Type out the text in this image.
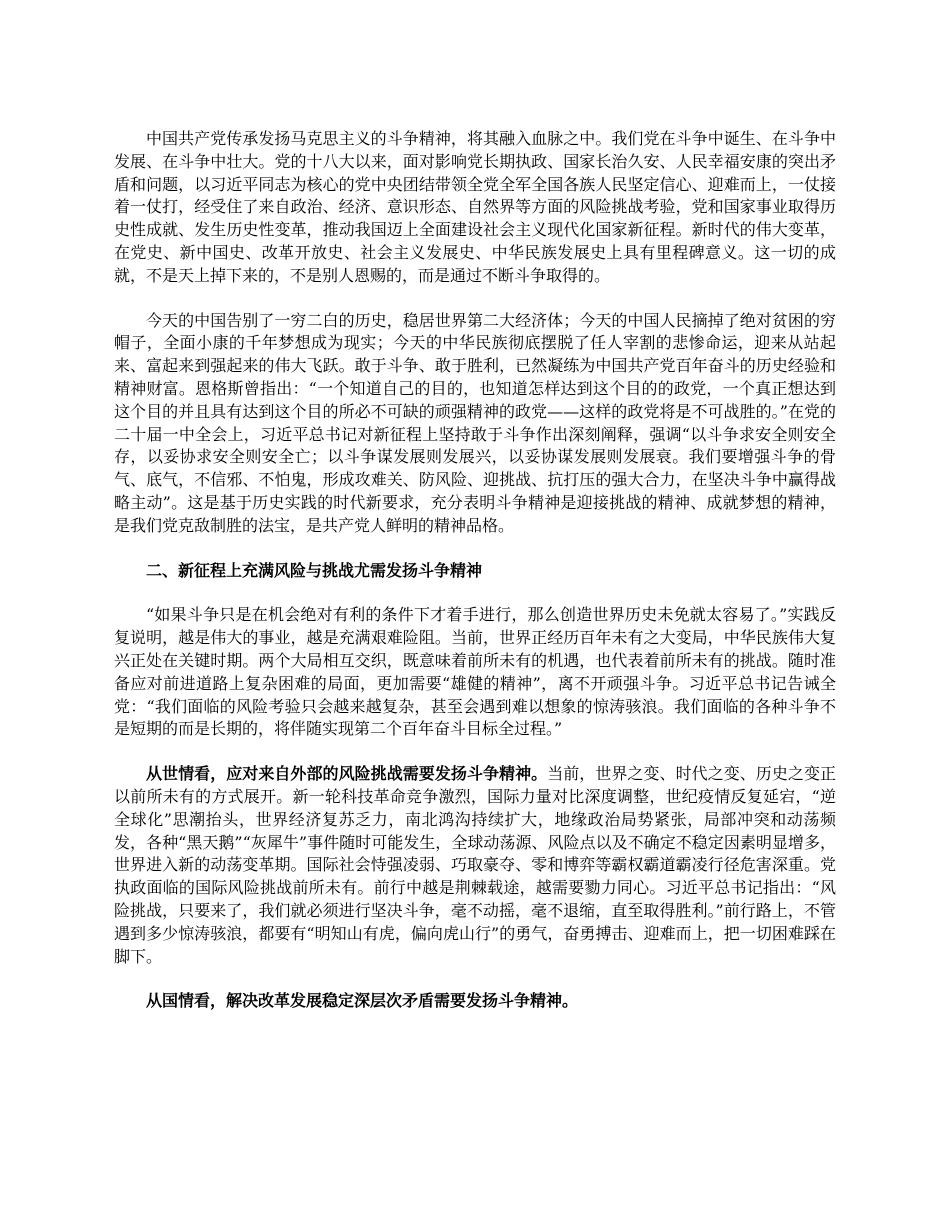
中国共产党传承发扬马克思主义的斗争精神，将其融入血脉之中。我们党在斗争中诞生、在斗争中发展、在斗争中壮大。党的十八大以来，面对影响党长期执政、国家长治久安、人民幸福安康的突出矛盾和问题，以习近平同志为核心的党中央团结带领全党全军全国各族人民坚定信心、迎难而上，一仗接着一仗打，经受住了来自政治、经济、意识形态、自然界等方面的风险挑战考验，党和国家事业取得历史性成就、发生历史性变革，推动我国迈上全面建设社会主义现代化国家新征程。新时代的伟大变革，在党史、新中国史、改革开放史、社会主义发展史、中华民族发展史上具有里程碑意义。这一切的成就，不是天上掉下来的，不是别人恩赐的，而是通过不断斗争取得的。

今天的中国告别了一穷二白的历史，稳居世界第二大经济体；今天的中国人民摘掉了绝对贫困的穷帽子，全面小康的千年梦想成为现实；今天的中华民族彻底摆脱了任人宰割的悲惨命运，迎来从站起来、富起来到强起来的伟大飞跃。敢于斗争、敢于胜利，已然凝练为中国共产党百年奋斗的历史经验和精神财富。恩格斯曾指出：“一个知道自己的目的，也知道怎样达到这个目的的政党，一个真正想达到这个目的并且具有达到这个目的所必不可缺的顽强精神的政党——这样的政党将是不可战胜的。”在党的二十届一中全会上，习近平总书记对新征程上坚持敢于斗争作出深刻阐释，强调“以斗争求安全则安全存，以妥协求安全则安全亡；以斗争谋发展则发展兴，以妥协谋发展则发展衰。我们要增强斗争的骨气、底气，不信邪、不怕鬼，形成攻难关、防风险、迎挑战、抗打压的强大合力，在坚决斗争中赢得战略主动”。这是基于历史实践的时代新要求，充分表明斗争精神是迎接挑战的精神、成就梦想的精神，是我们党克敌制胜的法宝，是共产党人鲜明的精神品格。

二、新征程上充满风险与挑战尤需发扬斗争精神

“如果斗争只是在机会绝对有利的条件下才着手进行，那么创造世界历史未免就太容易了。”实践反复说明，越是伟大的事业，越是充满艰难险阻。当前，世界正经历百年未有之大变局，中华民族伟大复兴正处在关键时期。两个大局相互交织，既意味着前所未有的机遇，也代表着前所未有的挑战。随时准备应对前进道路上复杂困难的局面，更加需要“雄健的精神”，离不开顽强斗争。习近平总书记告诫全党：“我们面临的风险考验只会越来越复杂，甚至会遇到难以想象的惊涛骇浪。我们面临的各种斗争不是短期的而是长期的，将伴随实现第二个百年奋斗目标全过程。”

从世情看，应对来自外部的风险挑战需要发扬斗争精神。当前，世界之变、时代之变、历史之变正以前所未有的方式展开。新一轮科技革命竞争激烈，国际力量对比深度调整，世纪疫情反复延宕，“逆全球化”思潮抬头，世界经济复苏乏力，南北鸿沟持续扩大，地缘政治局势紧张，局部冲突和动荡频发，各种“黑天鹅”“灰犀牛”事件随时可能发生，全球动荡源、风险点以及不确定不稳定因素明显增多，世界进入新的动荡变革期。国际社会恃强凌弱、巧取豪夺、零和博弈等霸权霸道霸凌行径危害深重。党执政面临的国际风险挑战前所未有。前行中越是荆棘载途，越需要勠力同心。习近平总书记指出：“风险挑战，只要来了，我们就必须进行坚决斗争，毫不动摇，毫不退缩，直至取得胜利。”前行路上，不管遇到多少惊涛骇浪，都要有“明知山有虎，偏向虎山行”的勇气，奋勇搏击、迎难而上，把一切困难踩在脚下。

从国情看，解决改革发展稳定深层次矛盾需要发扬斗争精神。
